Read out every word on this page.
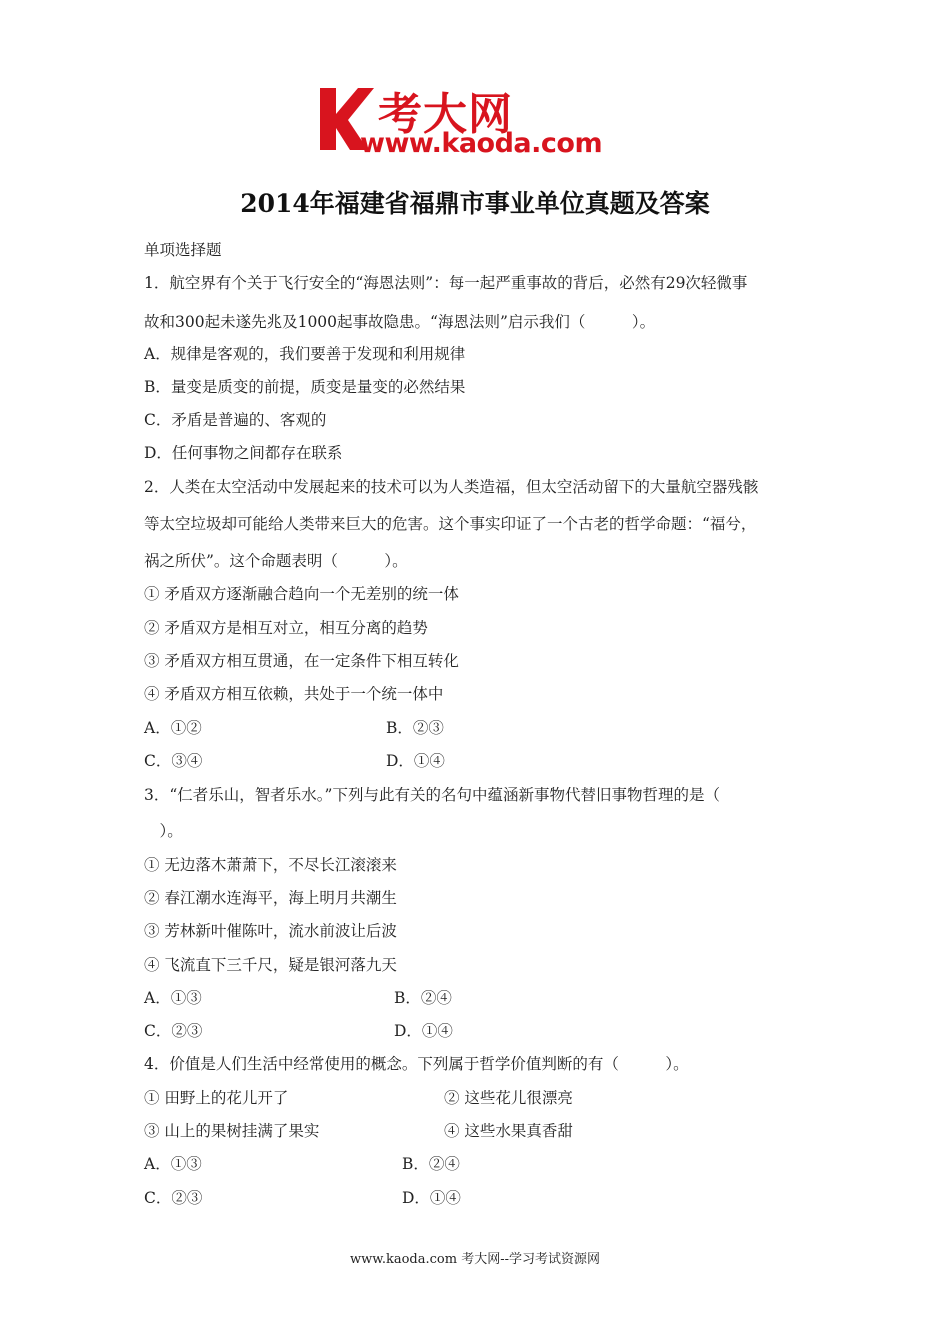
考大网
www.kaoda.com
2014年福建省福鼎市事业单位真题及答案
单项选择题
1．航空界有个关于飞行安全的“海恩法则”：每一起严重事故的背后，必然有29次轻微事
故和300起未遂先兆及1000起事故隐患。“海恩法则”启示我们（　　　）。
A．规律是客观的，我们要善于发现和利用规律
B．量变是质变的前提，质变是量变的必然结果
C．矛盾是普遍的、客观的
D．任何事物之间都存在联系
2．人类在太空活动中发展起来的技术可以为人类造福，但太空活动留下的大量航空器残骸
等太空垃圾却可能给人类带来巨大的危害。这个事实印证了一个古老的哲学命题：“福兮，
祸之所伏”。这个命题表明（　　　）。
① 矛盾双方逐渐融合趋向一个无差别的统一体
② 矛盾双方是相互对立，相互分离的趋势
③ 矛盾双方相互贯通，在一定条件下相互转化
④ 矛盾双方相互依赖，共处于一个统一体中
A．①②	B．②③
C．③④	D．①④
3．“仁者乐山，智者乐水。”下列与此有关的名句中蕴涵新事物代替旧事物哲理的是（
　）。
① 无边落木萧萧下，不尽长江滚滚来
② 春江潮水连海平，海上明月共潮生
③ 芳林新叶催陈叶，流水前波让后波
④ 飞流直下三千尺，疑是银河落九天
A．①③	B．②④
C．②③	D．①④
4．价值是人们生活中经常使用的概念。下列属于哲学价值判断的有（　　　）。
① 田野上的花儿开了	② 这些花儿很漂亮
③ 山上的果树挂满了果实	④ 这些水果真香甜
A．①③	B．②④
C．②③	D．①④
www.kaoda.com 考大网--学习考试资源网
